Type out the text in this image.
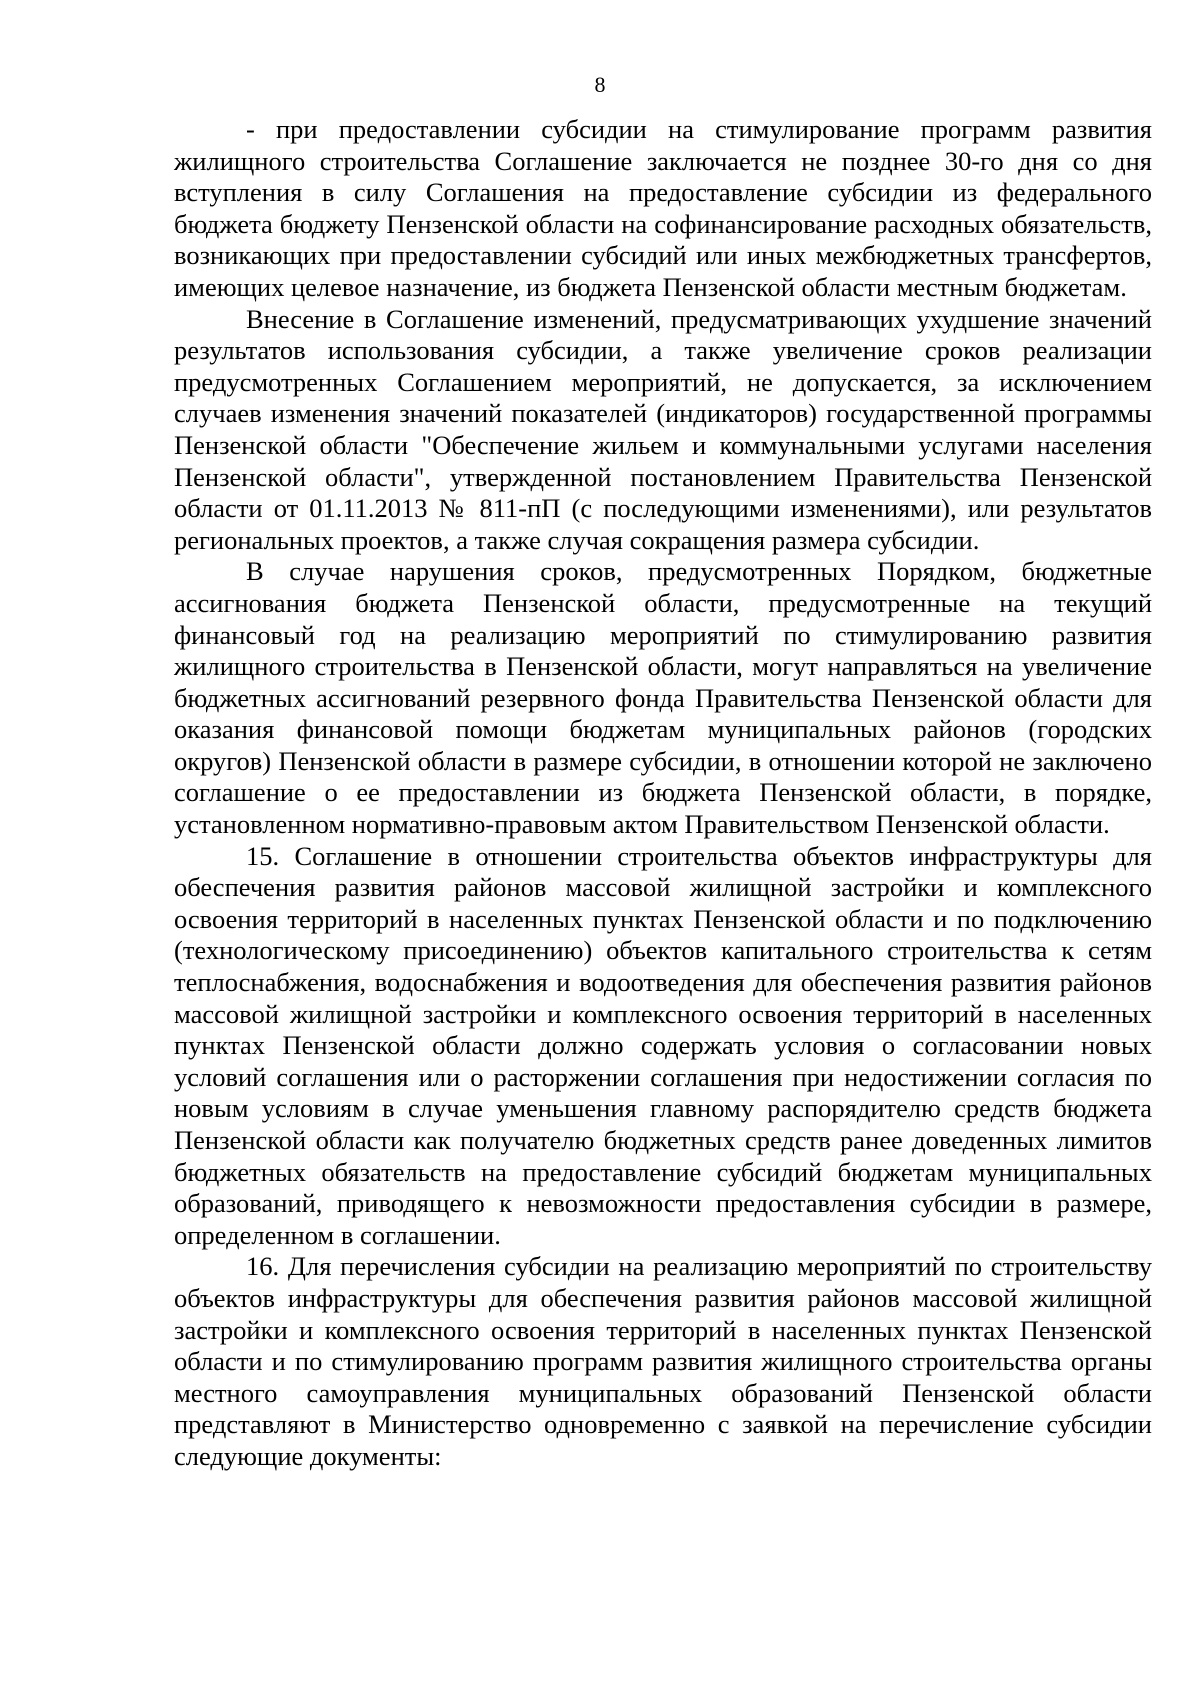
8

- при предоставлении субсидии на стимулирование программ развития жилищного строительства Соглашение заключается не позднее 30-го дня со дня вступления в силу Соглашения на предоставление субсидии из федерального бюджета бюджету Пензенской области на софинансирование расходных обязательств, возникающих при предоставлении субсидий или иных межбюджетных трансфертов, имеющих целевое назначение, из бюджета Пензенской области местным бюджетам.

Внесение в Соглашение изменений, предусматривающих ухудшение значений результатов использования субсидии, а также увеличение сроков реализации предусмотренных Соглашением мероприятий, не допускается, за исключением случаев изменения значений показателей (индикаторов) государственной программы Пензенской области "Обеспечение жильем и коммунальными услугами населения Пензенской области", утвержденной постановлением Правительства Пензенской области от 01.11.2013 № 811-пП (с последующими изменениями), или результатов региональных проектов, а также случая сокращения размера субсидии.

В случае нарушения сроков, предусмотренных Порядком, бюджетные ассигнования бюджета Пензенской области, предусмотренные на текущий финансовый год на реализацию мероприятий по стимулированию развития жилищного строительства в Пензенской области, могут направляться на увеличение бюджетных ассигнований резервного фонда Правительства Пензенской области для оказания финансовой помощи бюджетам муниципальных районов (городских округов) Пензенской области в размере субсидии, в отношении которой не заключено соглашение о ее предоставлении из бюджета Пензенской области, в порядке, установленном нормативно-правовым актом Правительством Пензенской области.

15. Соглашение в отношении строительства объектов инфраструктуры для обеспечения развития районов массовой жилищной застройки и комплексного освоения территорий в населенных пунктах Пензенской области и по подключению (технологическому присоединению) объектов капитального строительства к сетям теплоснабжения, водоснабжения и водоотведения для обеспечения развития районов массовой жилищной застройки и комплексного освоения территорий в населенных пунктах Пензенской области должно содержать условия о согласовании новых условий соглашения или о расторжении соглашения при недостижении согласия по новым условиям в случае уменьшения главному распорядителю средств бюджета Пензенской области как получателю бюджетных средств ранее доведенных лимитов бюджетных обязательств на предоставление субсидий бюджетам муниципальных образований, приводящего к невозможности предоставления субсидии в размере, определенном в соглашении.

16. Для перечисления субсидии на реализацию мероприятий по строительству объектов инфраструктуры для обеспечения развития районов массовой жилищной застройки и комплексного освоения территорий в населенных пунктах Пензенской области и по стимулированию программ развития жилищного строительства органы местного самоуправления муниципальных образований Пензенской области представляют в Министерство одновременно с заявкой на перечисление субсидии следующие документы:
